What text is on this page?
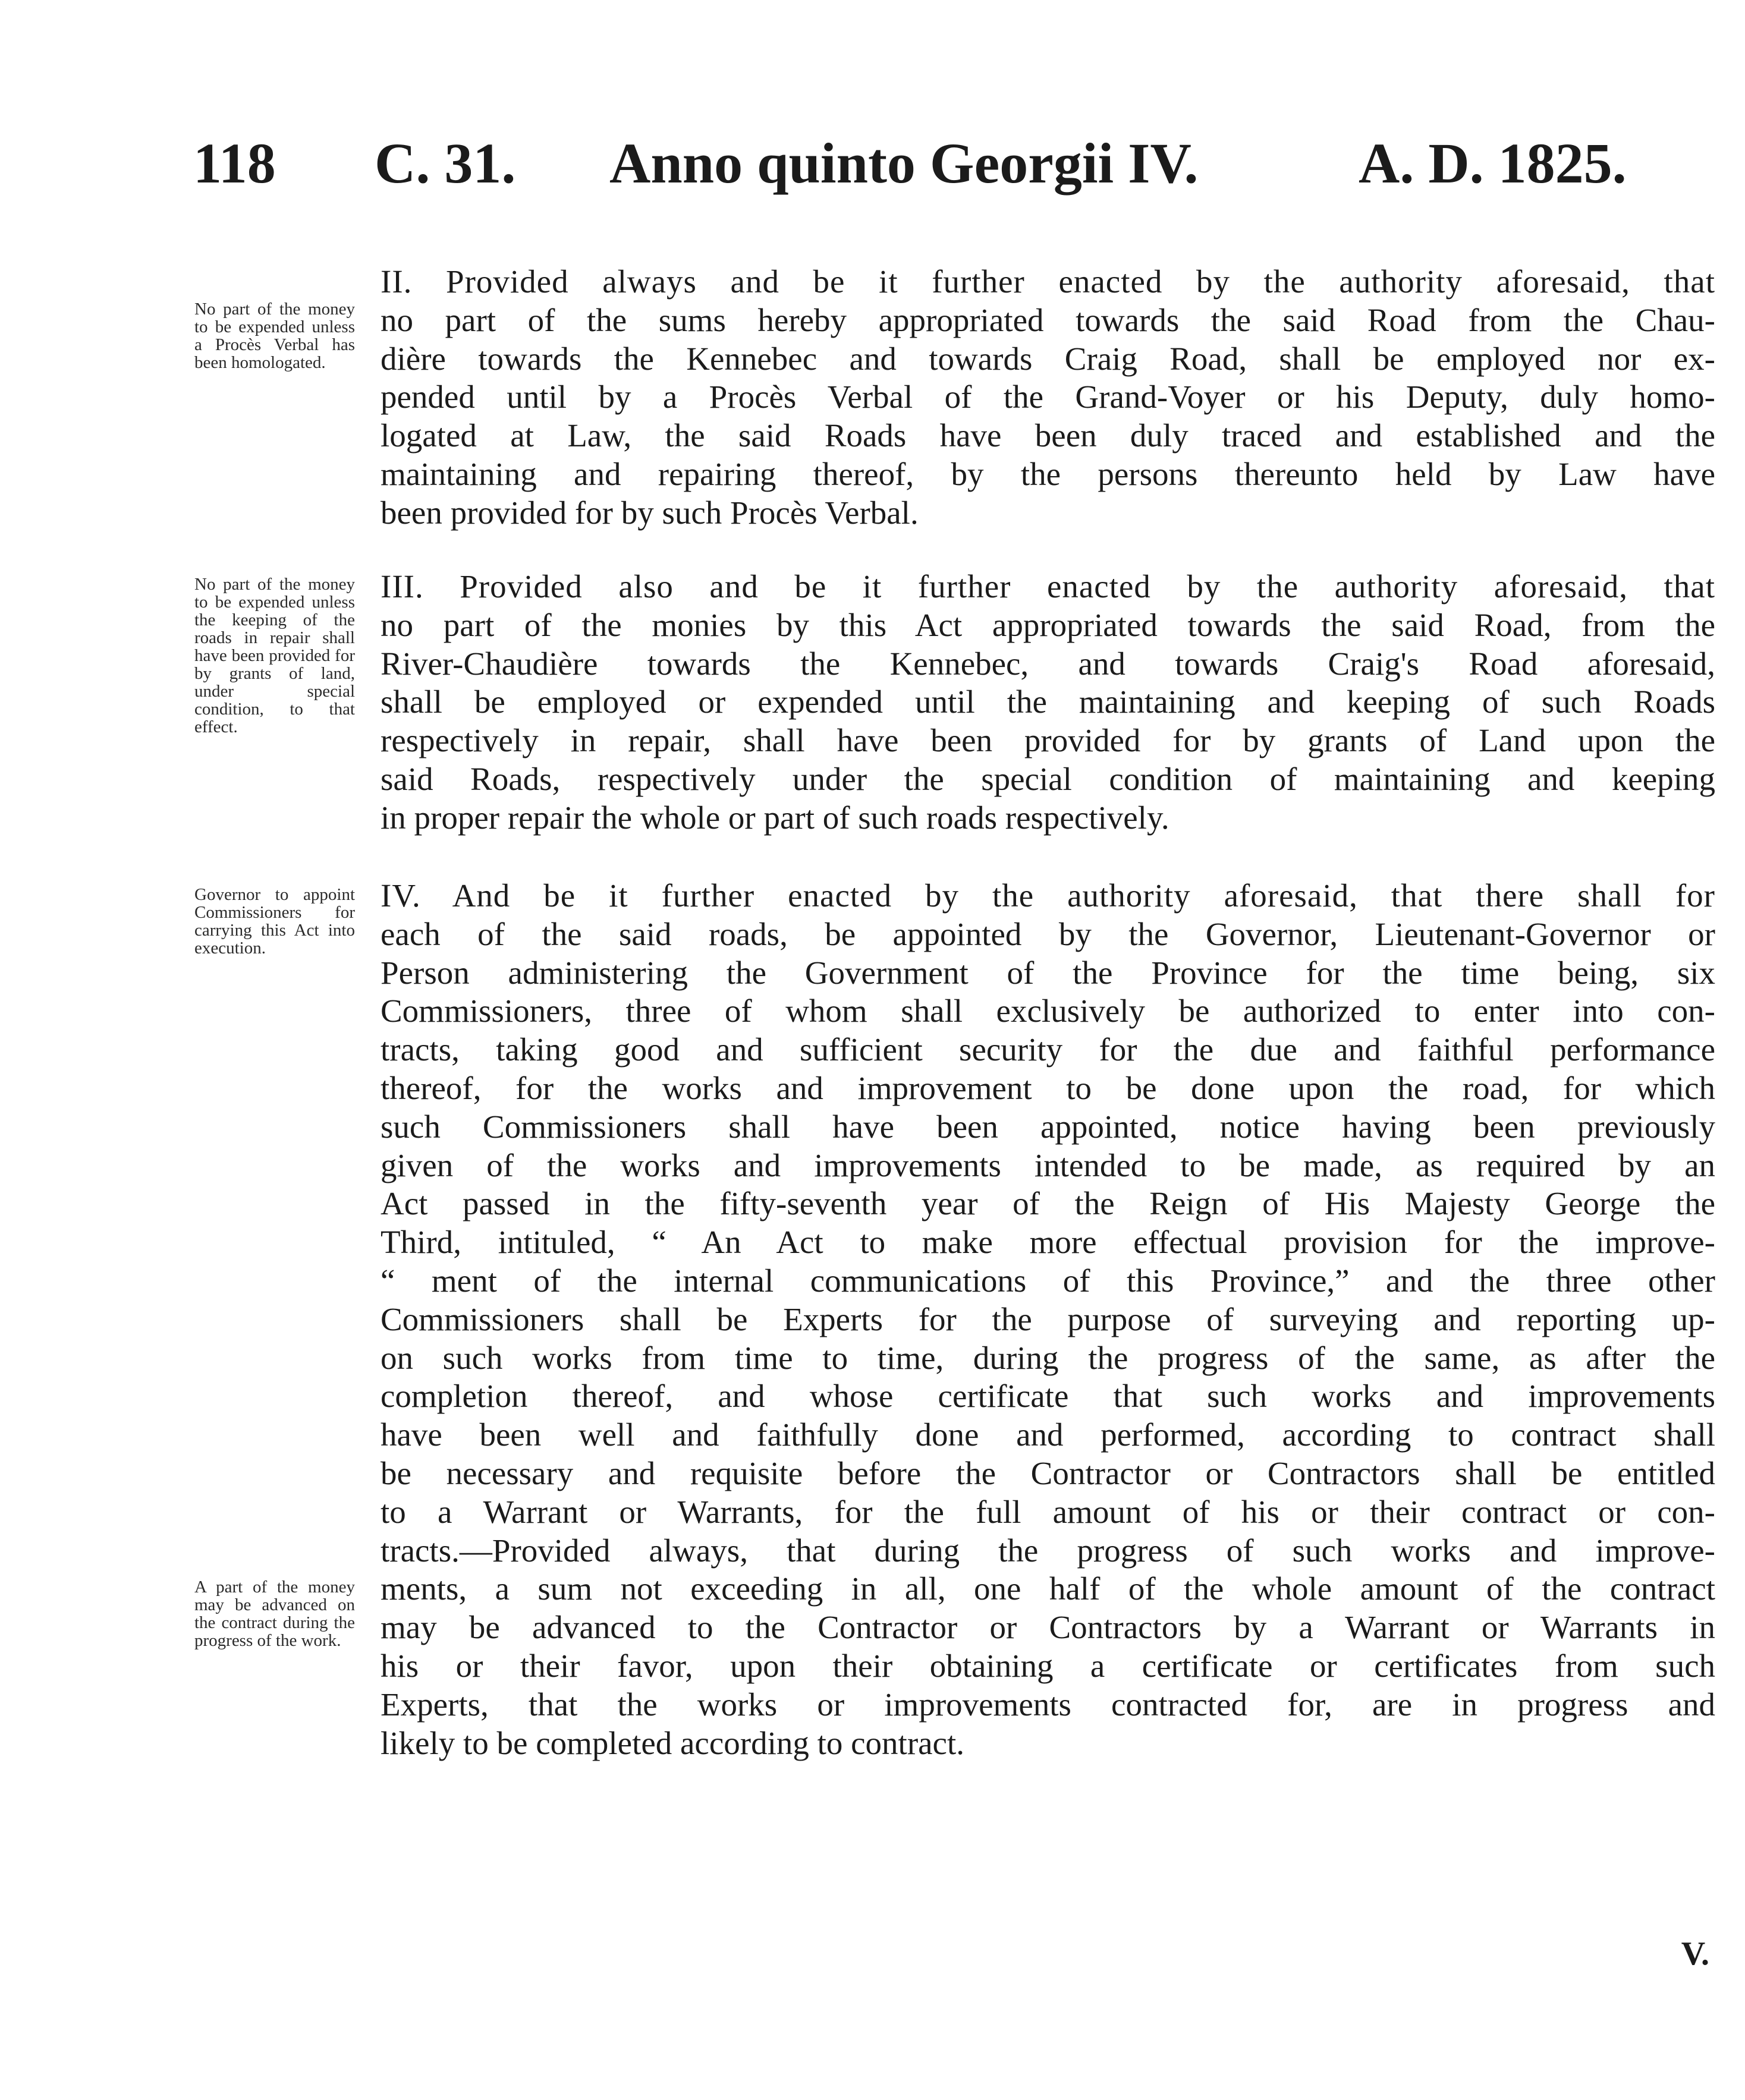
118 C. 31. Anno quinto Georgii IV.	A. D. 1825.
No part of the money to be expended unless a Procès Verbal has been homologated.
No part of the money to be expended unless the keeping of the roads in repair shall have been provided for by grants of land, under special condition, to that effect.
Governor to appoint Commissioners for carrying this Act into execution.
A part of the money may be advanced on the contract during the progress of the work.
II. Provided always and be it further enacted by the authority aforesaid, that
no part of the sums hereby appropriated towards the said Road from the Chau-
dière towards the Kennebec and towards Craig Road, shall be employed nor ex-
pended until by a Procès Verbal of the Grand-Voyer or his Deputy, duly homo-
logated at Law, the said Roads have been duly traced and established and the
maintaining and repairing thereof, by the persons thereunto held by Law have
been provided for by such Procès Verbal.
III. Provided also and be it further enacted by the authority aforesaid, that
no part of the monies by this Act appropriated towards the said Road, from the
River-Chaudière towards the Kennebec, and towards Craig's Road aforesaid,
shall be employed or expended until the maintaining and keeping of such Roads
respectively in repair, shall have been provided for by grants of Land upon the
said Roads, respectively under the special condition of maintaining and keeping
in proper repair the whole or part of such roads respectively.
IV. And be it further enacted by the authority aforesaid, that there shall for
each of the said roads, be appointed by the Governor, Lieutenant-Governor or
Person administering the Government of the Province for the time being, six
Commissioners, three of whom shall exclusively be authorized to enter into con-
tracts, taking good and sufficient security for the due and faithful performance
thereof, for the works and improvement to be done upon the road, for which
such Commissioners shall have been appointed, notice having been previously
given of the works and improvements intended to be made, as required by an
Act passed in the fifty-seventh year of the Reign of His Majesty George the
Third, intituled, “ An Act to make more effectual provision for the improve-
“ ment of the internal communications of this Province,” and the three other
Commissioners shall be Experts for the purpose of surveying and reporting up-
on such works from time to time, during the progress of the same, as after the
completion thereof, and whose certificate that such works and improvements
have been well and faithfully done and performed, according to contract shall
be necessary and requisite before the Contractor or Contractors shall be entitled
to a Warrant or Warrants, for the full amount of his or their contract or con-
tracts.—Provided always, that during the progress of such works and improve-
ments, a sum not exceeding in all, one half of the whole amount of the contract
may be advanced to the Contractor or Contractors by a Warrant or Warrants in
his or their favor, upon their obtaining a certificate or certificates from such
Experts, that the works or improvements contracted for, are in progress and
likely to be completed according to contract.
V.
